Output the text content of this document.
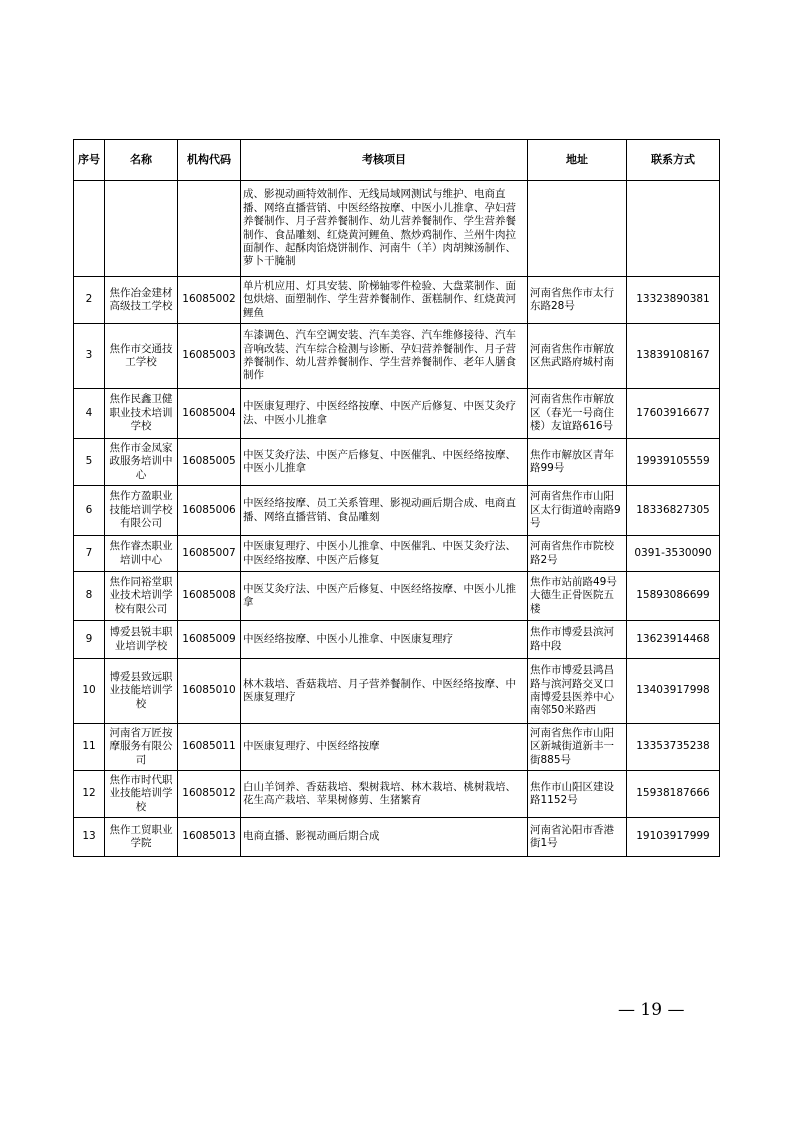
序号	名称	机构代码	考核项目	地址	联系方式
			成、影视动画特效制作、无线局域网测试与维护、电商直播、网络直播营销、中医经络按摩、中医小儿推拿、孕妇营养餐制作、月子营养餐制作、幼儿营养餐制作、学生营养餐制作、食品雕刻、红烧黄河鲤鱼、熬炒鸡制作、兰州牛肉拉面制作、起酥肉馅烧饼制作、河南牛（羊）肉胡辣汤制作、萝卜干腌制		
2	焦作冶金建材高级技工学校	16085002	单片机应用、灯具安装、阶梯轴零件检验、大盘菜制作、面包烘焙、面塑制作、学生营养餐制作、蛋糕制作、红烧黄河鲤鱼	河南省焦作市太行东路28号	13323890381
3	焦作市交通技工学校	16085003	车漆调色、汽车空调安装、汽车美容、汽车维修接待、汽车音响改装、汽车综合检测与诊断、孕妇营养餐制作、月子营养餐制作、幼儿营养餐制作、学生营养餐制作、老年人膳食制作	河南省焦作市解放区焦武路府城村南	13839108167
4	焦作民鑫卫健职业技术培训学校	16085004	中医康复理疗、中医经络按摩、中医产后修复、中医艾灸疗法、中医小儿推拿	河南省焦作市解放区（春光一号商住楼）友谊路616号	17603916677
5	焦作市金凤家政服务培训中心	16085005	中医艾灸疗法、中医产后修复、中医催乳、中医经络按摩、中医小儿推拿	焦作市解放区青年路99号	19939105559
6	焦作方盈职业技能培训学校有限公司	16085006	中医经络按摩、员工关系管理、影视动画后期合成、电商直播、网络直播营销、食品雕刻	河南省焦作市山阳区太行街道岭南路9号	18336827305
7	焦作睿杰职业培训中心	16085007	中医康复理疗、中医小儿推拿、中医催乳、中医艾灸疗法、中医经络按摩、中医产后修复	河南省焦作市院校路2号	0391-3530090
8	焦作同裕堂职业技术培训学校有限公司	16085008	中医艾灸疗法、中医产后修复、中医经络按摩、中医小儿推拿	焦作市站前路49号大德生正骨医院五楼	15893086699
9	博爱县锐丰职业培训学校	16085009	中医经络按摩、中医小儿推拿、中医康复理疗	焦作市博爱县滨河路中段	13623914468
10	博爱县致远职业技能培训学校	16085010	林木栽培、香菇栽培、月子营养餐制作、中医经络按摩、中医康复理疗	焦作市博爱县鸿昌路与滨河路交叉口南博爱县医养中心南邻50米路西	13403917998
11	河南省万匠按摩服务有限公司	16085011	中医康复理疗、中医经络按摩	河南省焦作市山阳区新城街道新丰一街885号	13353735238
12	焦作市时代职业技能培训学校	16085012	白山羊饲养、香菇栽培、梨树栽培、林木栽培、桃树栽培、花生高产栽培、苹果树修剪、生猪繁育	焦作市山阳区建设路1152号	15938187666
13	焦作工贸职业学院	16085013	电商直播、影视动画后期合成	河南省沁阳市香港街1号	19103917999
— 19 —
